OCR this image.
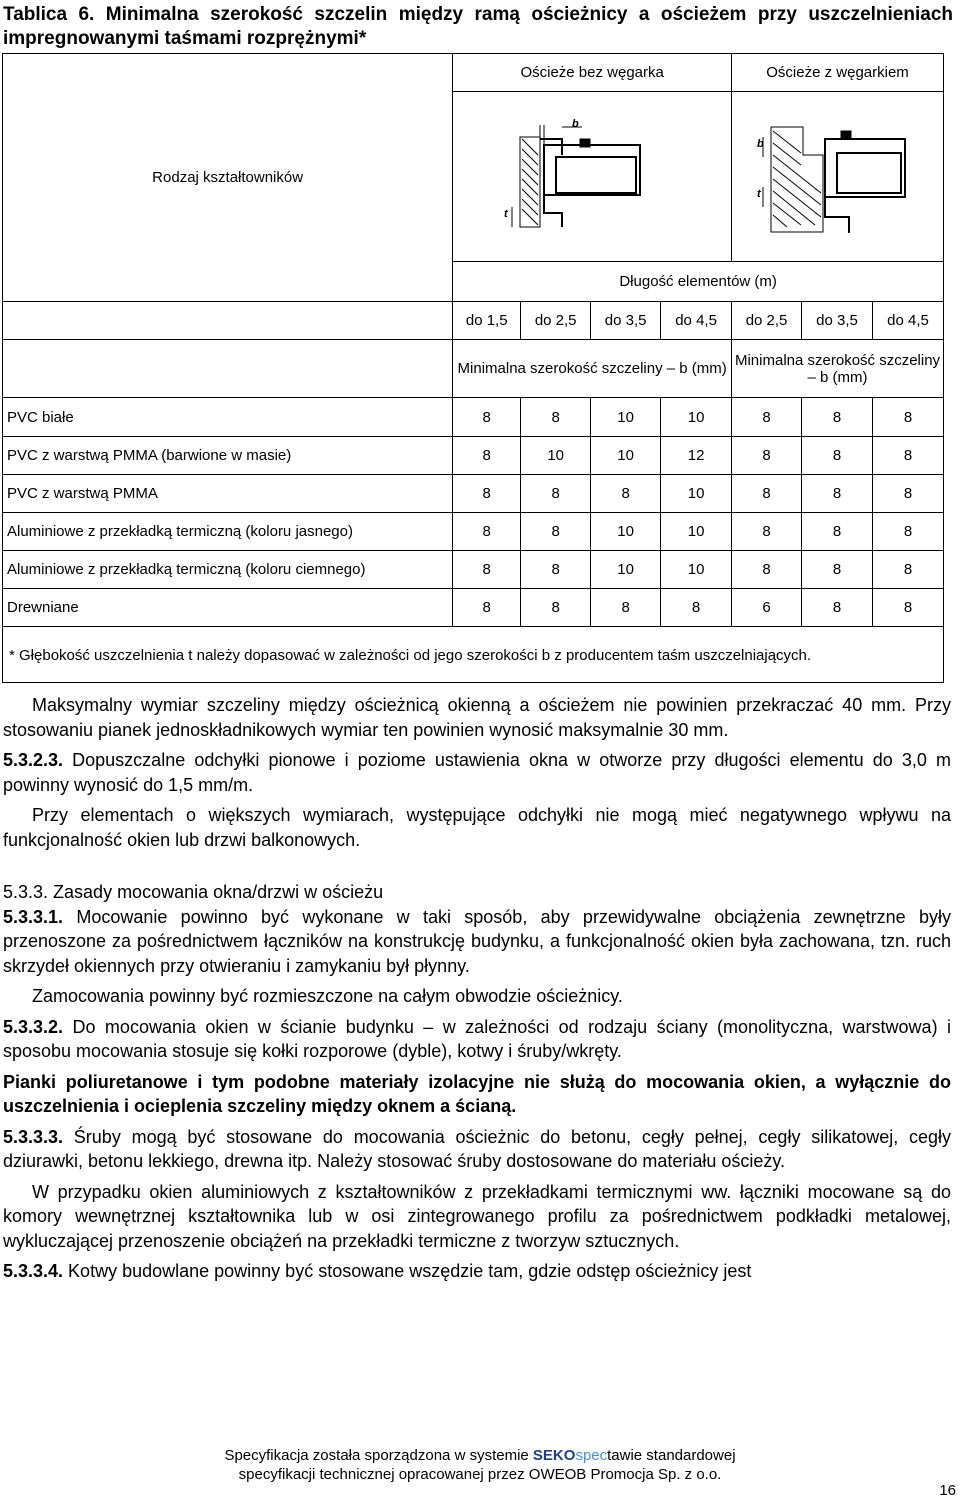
Tablica 6. Minimalna szerokość szczelin między ramą ościeżnicy a ościeżem przy uszczelnieniach impregnowanymi taśmami rozprężnymi*
Rodzaj kształtowników	Ościeże bez węgarka				Ościeże z węgarkiem		

b
t				b
t		

	Długość elementów (m)						
	do 1,5	do 2,5	do 3,5	do 4,5	do 2,5	do 3,5	do 4,5
	Minimalna szerokość szczeliny – b (mm)				Minimalna szerokość szczeliny – b (mm)		
PVC białe	8	8	10	10	8	8	8
PVC z warstwą PMMA (barwione w masie)	8	10	10	12	8	8	8
PVC z warstwą PMMA	8	8	8	10	8	8	8
Aluminiowe z przekładką termiczną (koloru jasnego)	8	8	10	10	8	8	8
Aluminiowe z przekładką termiczną (koloru ciemnego)	8	8	10	10	8	8	8
Drewniane	8	8	8	8	6	8	8
* Głębokość uszczelnienia t należy dopasować w zależności od jego szerokości b z producentem taśm uszczelniających.							

Maksymalny wymiar szczeliny między ościeżnicą okienną a ościeżem nie powinien przekraczać 40 mm. Przy stosowaniu pianek jednoskładnikowych wymiar ten powinien wynosić maksymalnie 30 mm.

5.3.2.3. Dopuszczalne odchyłki pionowe i poziome ustawienia okna w otworze przy długości elementu do 3,0 m powinny wynosić do 1,5 mm/m.

Przy elementach o większych wymiarach, występujące odchyłki nie mogą mieć negatywnego wpływu na funkcjonalność okien lub drzwi balkonowych.

5.3.3. Zasady mocowania okna/drzwi w ościeżu

5.3.3.1. Mocowanie powinno być wykonane w taki sposób, aby przewidywalne obciążenia zewnętrzne były przenoszone za pośrednictwem łączników na konstrukcję budynku, a funkcjonalność okien była zachowana, tzn. ruch skrzydeł okiennych przy otwieraniu i zamykaniu był płynny.

Zamocowania powinny być rozmieszczone na całym obwodzie ościeżnicy.

5.3.3.2. Do mocowania okien w ścianie budynku – w zależności od rodzaju ściany (monolityczna, warstwowa) i sposobu mocowania stosuje się kołki rozporowe (dyble), kotwy i śruby/wkręty.

Pianki poliuretanowe i tym podobne materiały izolacyjne nie służą do mocowania okien, a wyłącznie do uszczelnienia i ocieplenia szczeliny między oknem a ścianą.

5.3.3.3. Śruby mogą być stosowane do mocowania ościeżnic do betonu, cegły pełnej, cegły silikatowej, cegły dziurawki, betonu lekkiego, drewna itp. Należy stosować śruby dostosowane do materiału ościeży.

W przypadku okien aluminiowych z kształtowników z przekładkami termicznymi ww. łączniki mocowane są do komory wewnętrznej kształtownika lub w osi zintegrowanego profilu za pośrednictwem podkładki metalowej, wykluczającej przenoszenie obciążeń na przekładki termiczne z tworzyw sztucznych.

5.3.3.4. Kotwy budowlane powinny być stosowane wszędzie tam, gdzie odstęp ościeżnicy jest

Specyfikacja została sporządzona w systemie SEKOspectawie standardowej
specyfikacji technicznej opracowanej przez OWEOB Promocja Sp. z o.o.
16
